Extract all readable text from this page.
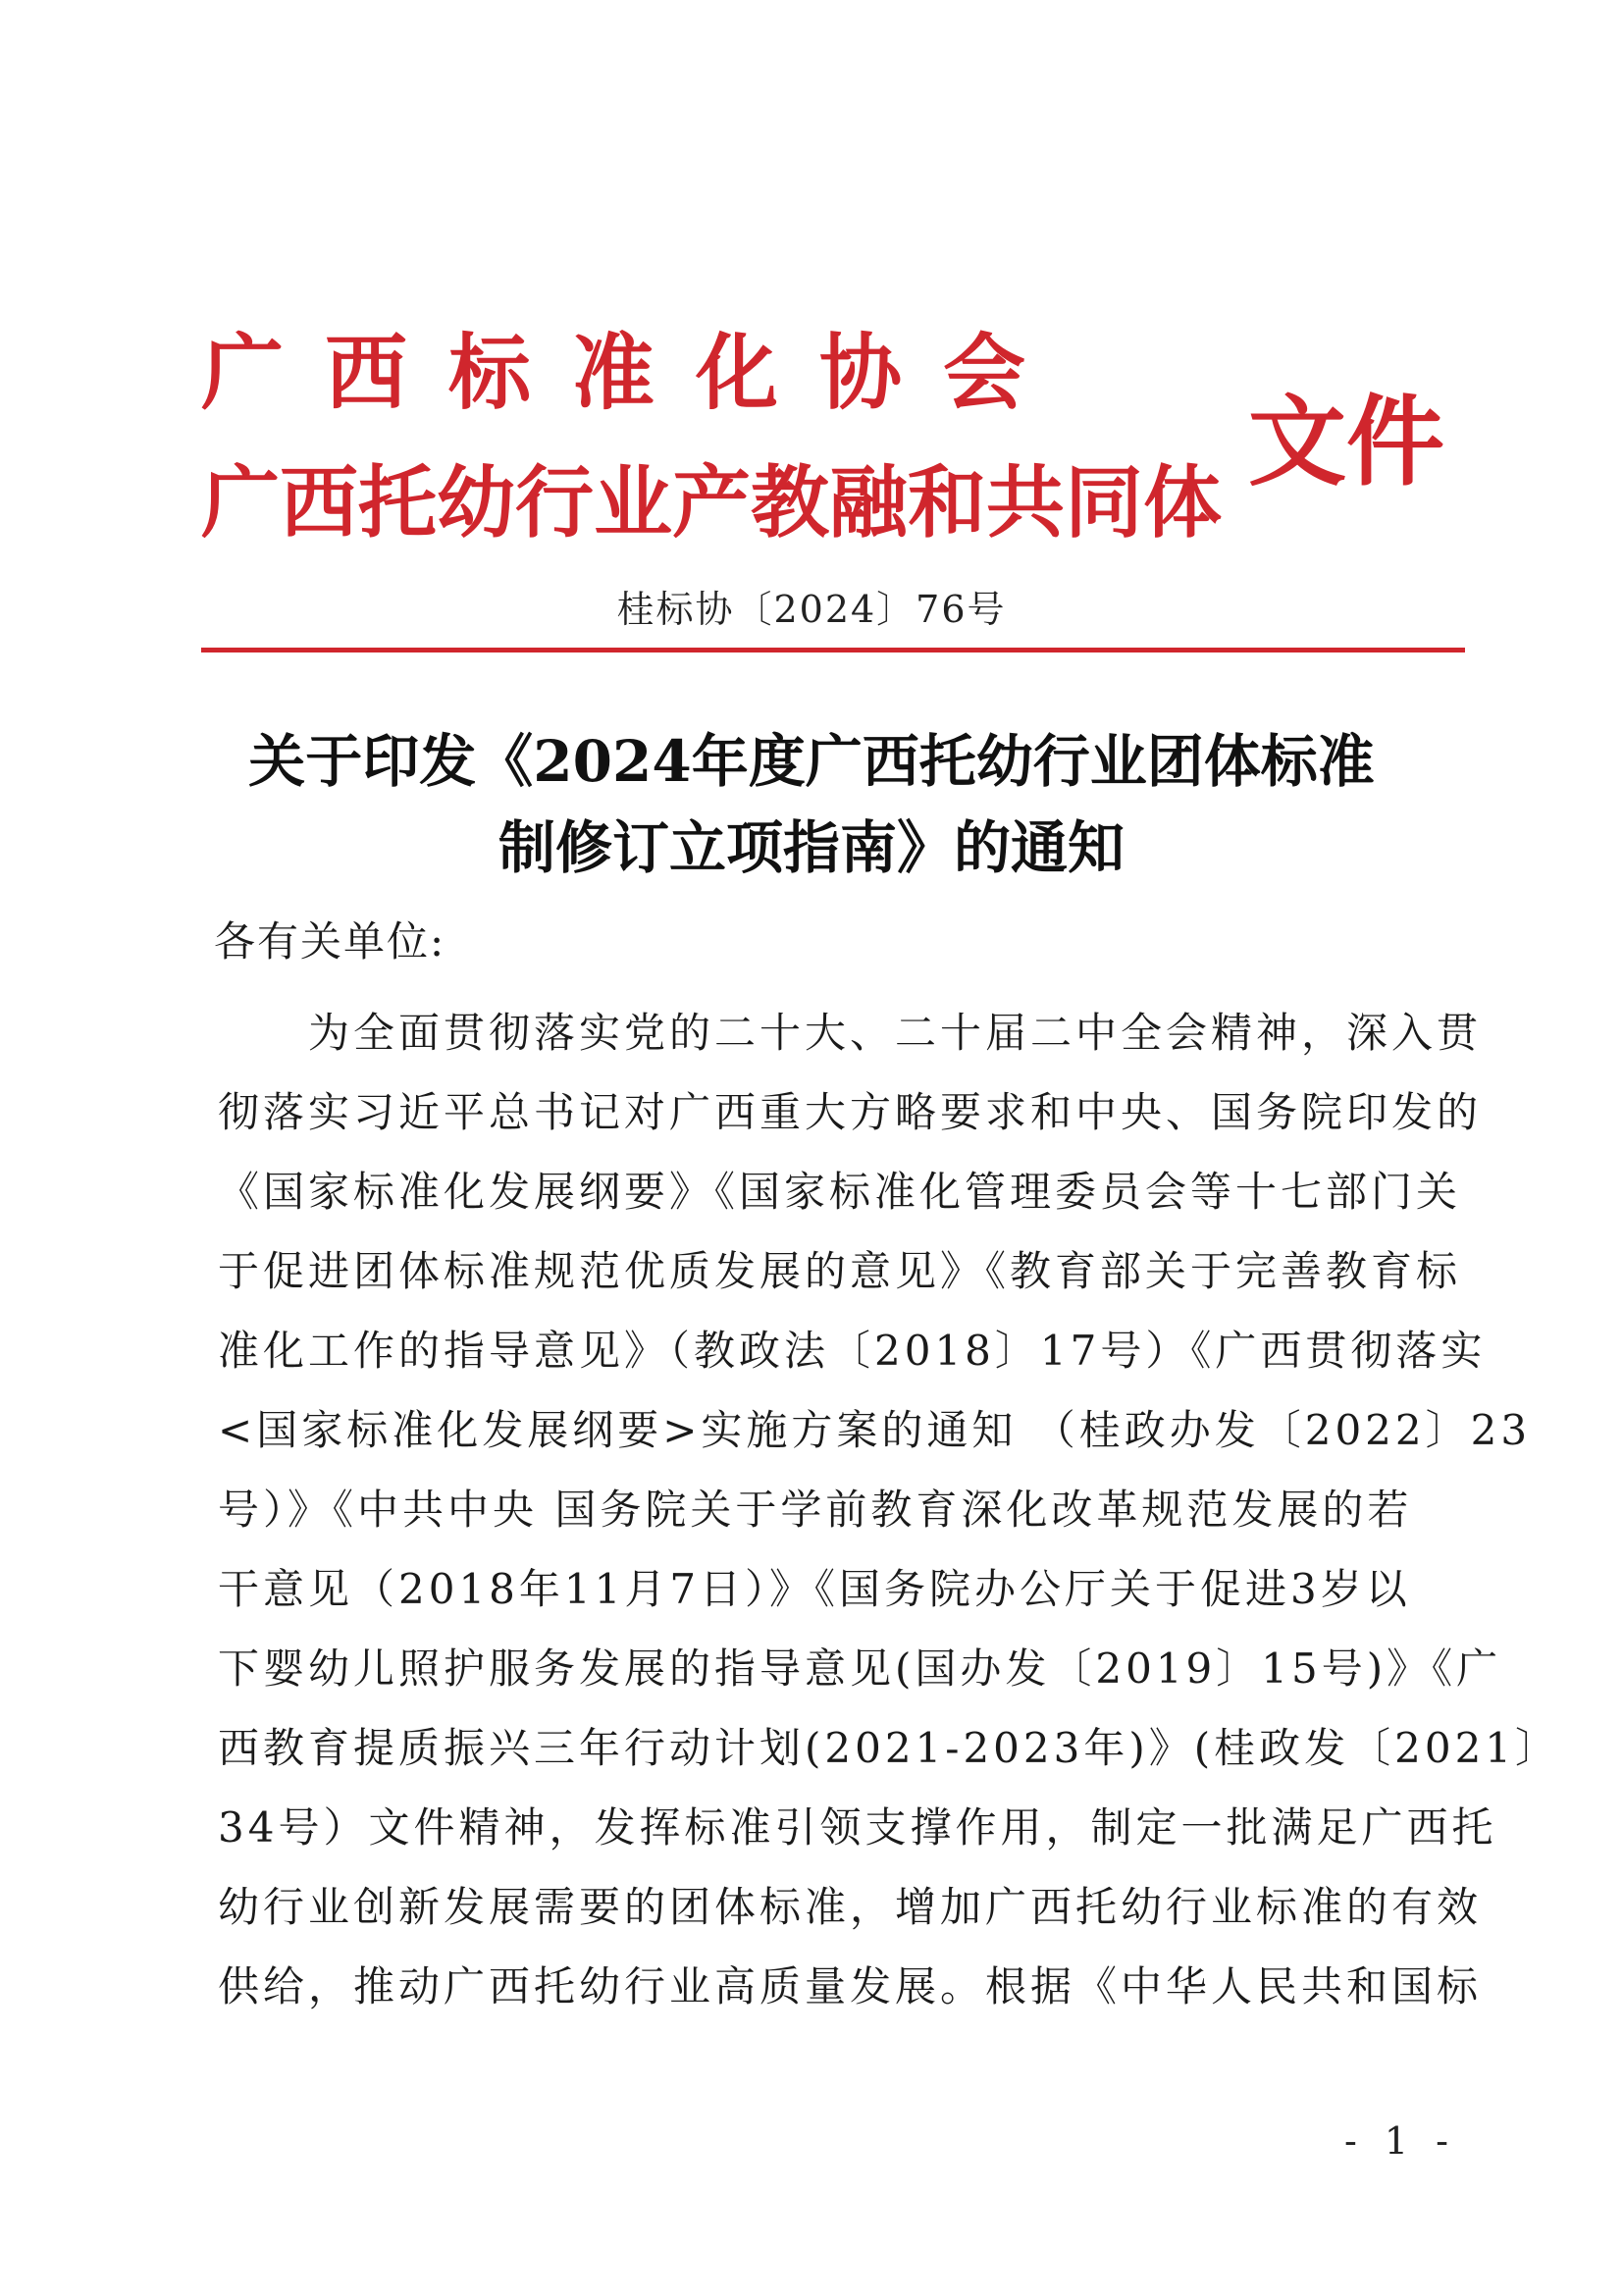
广西标准化协会
广西托幼行业产教融和共同体
文件
桂标协〔2024〕76号
关于印发《2024年度广西托幼行业团体标准
制修订立项指南》的通知
各有关单位:
　　为全面贯彻落实党的二十大、二十届二中全会精神，深入贯
彻落实习近平总书记对广西重大方略要求和中央、国务院印发的
《国家标准化发展纲要》《国家标准化管理委员会等十七部门关
于促进团体标准规范优质发展的意见》《教育部关于完善教育标
准化工作的指导意见》（教政法〔2018〕17号）《广西贯彻落实
<国家标准化发展纲要>实施方案的通知 （桂政办发〔2022〕23
号）》《中共中央 国务院关于学前教育深化改革规范发展的若
干意见（2018年11月7日）》《国务院办公厅关于促进3岁以
下婴幼儿照护服务发展的指导意见(国办发〔2019〕15号)》《广
西教育提质振兴三年行动计划(2021-2023年)》(桂政发〔2021〕
34号）文件精神，发挥标准引领支撑作用，制定一批满足广西托
幼行业创新发展需要的团体标准，增加广西托幼行业标准的有效
供给，推动广西托幼行业高质量发展。根据《中华人民共和国标
- 1 -
